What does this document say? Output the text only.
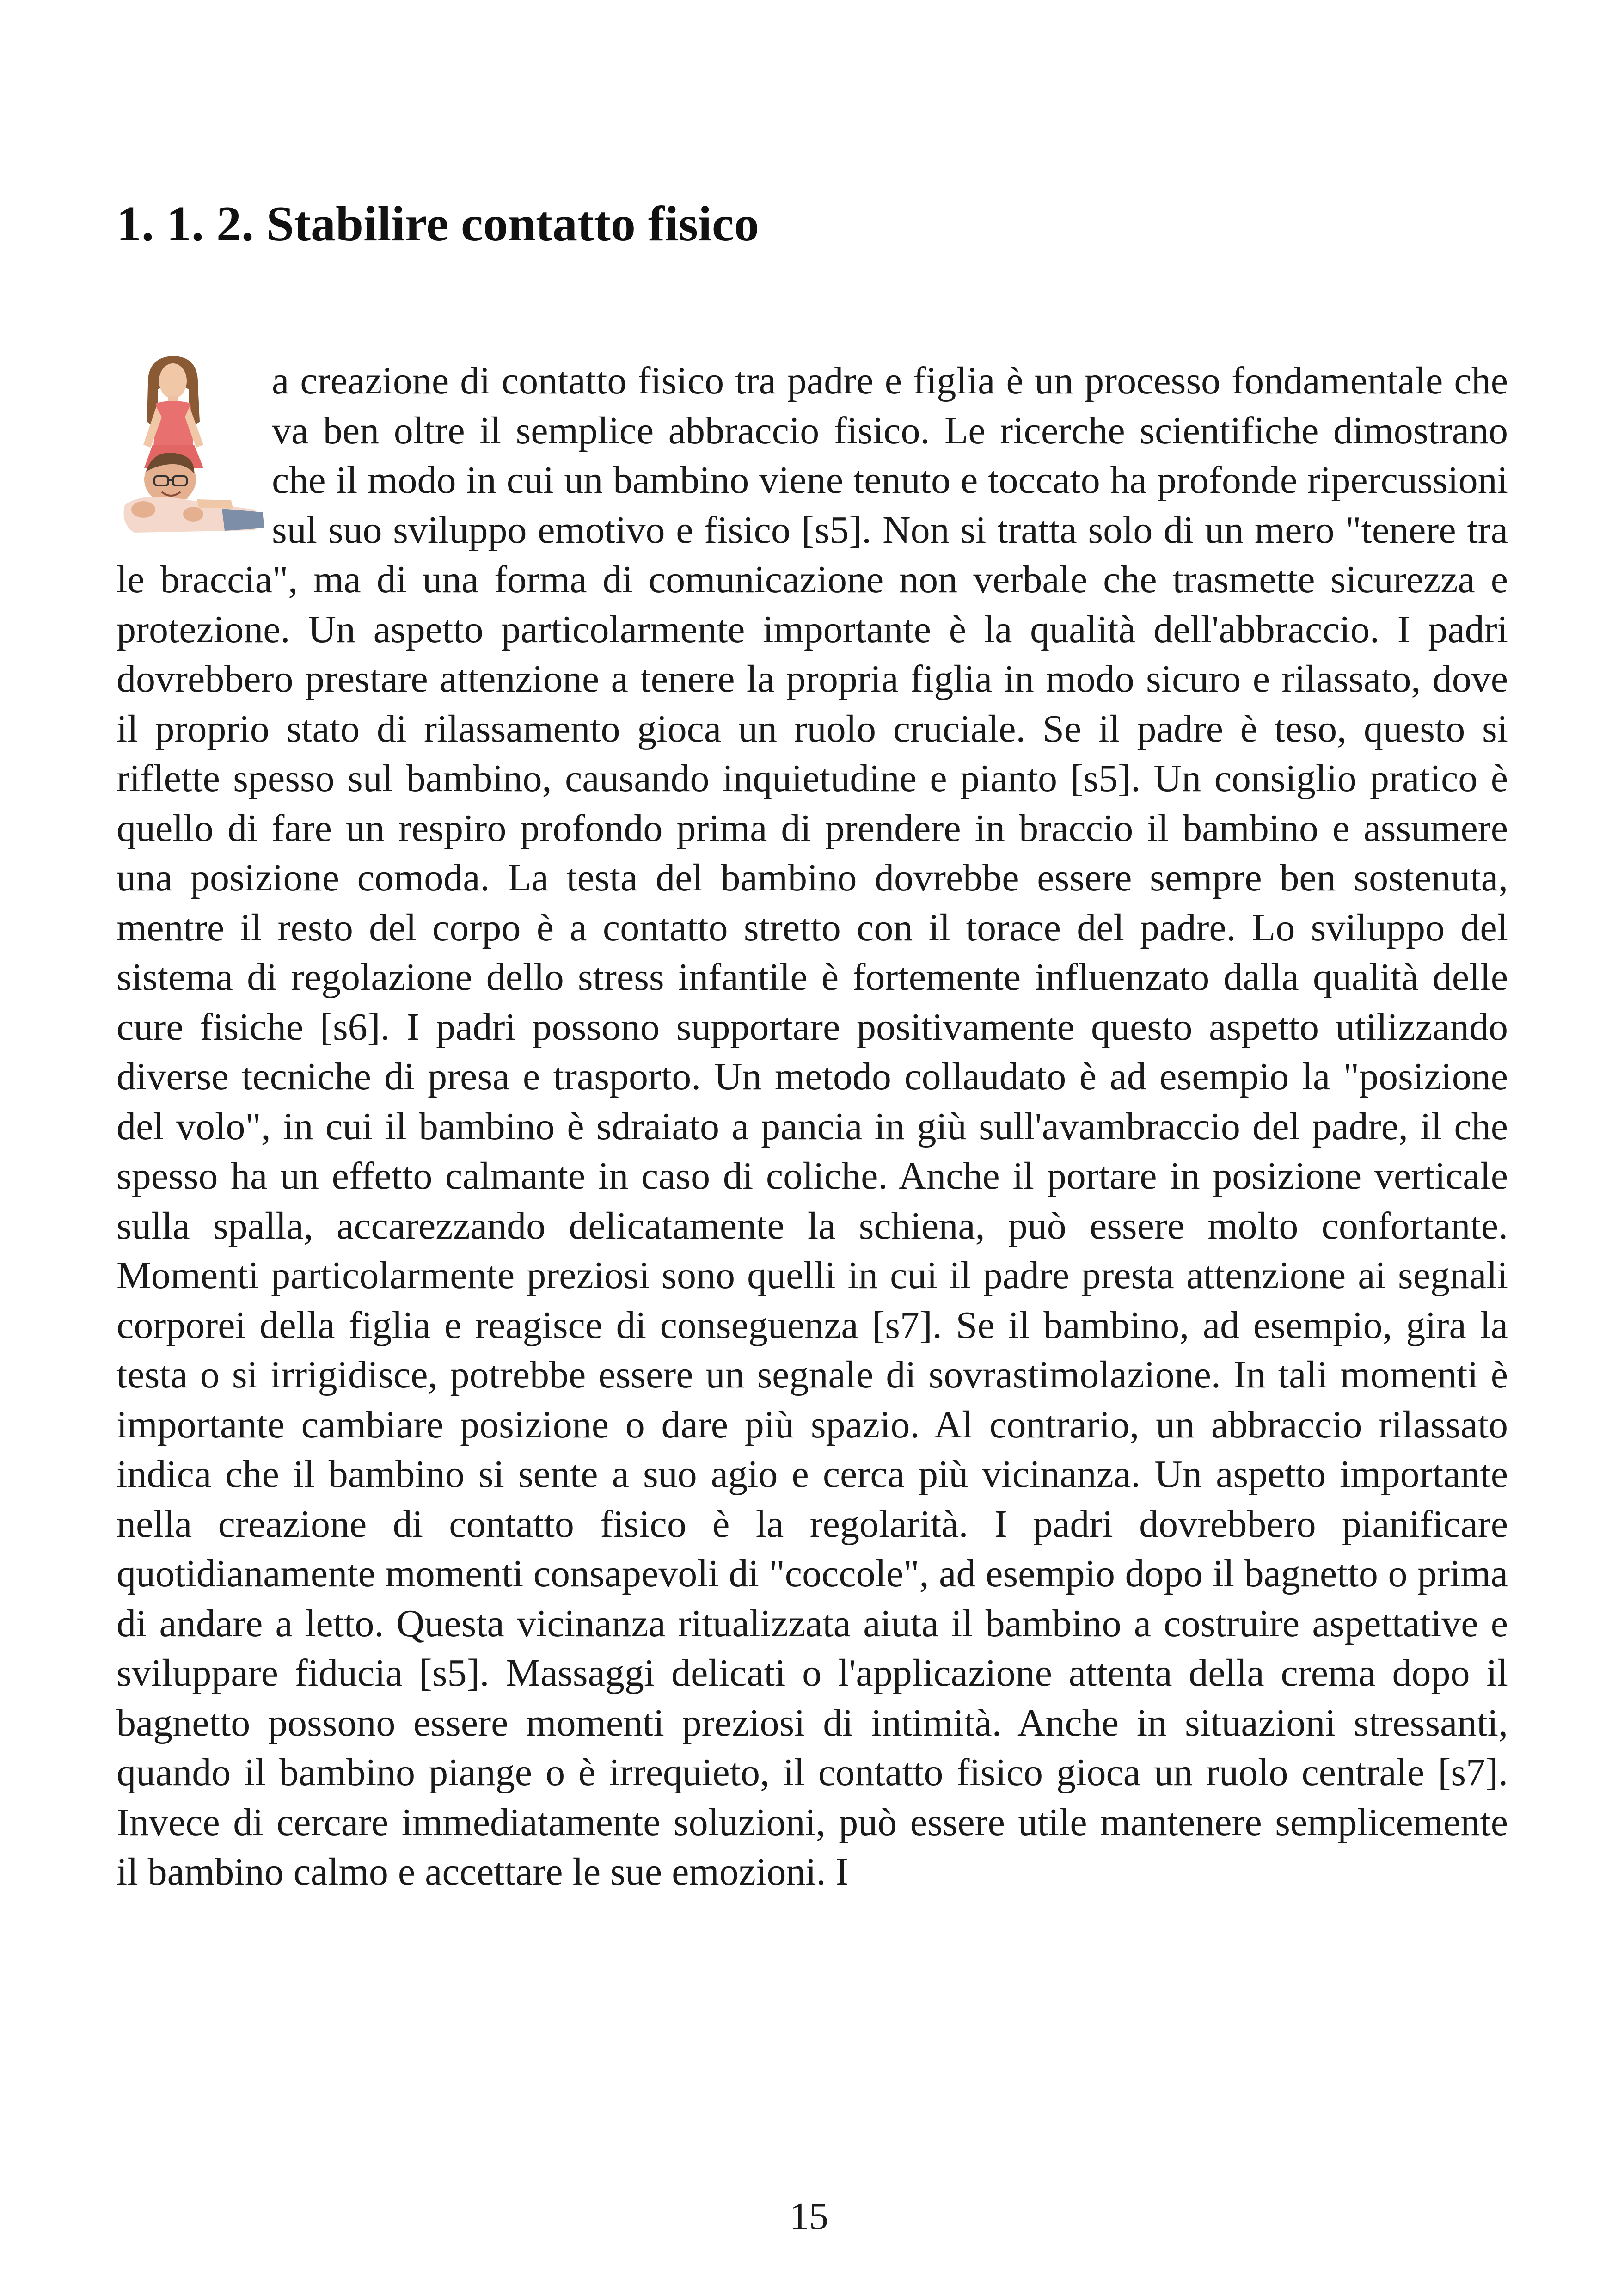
1. 1. 2. Stabilire contatto fisico
a creazione di contatto fisico tra padre e figlia è un processo fondamentale che va ben oltre il semplice abbraccio fisico. Le ricerche scientifiche dimostrano che il modo in cui un bambino viene tenuto e toccato ha profonde ripercussioni sul suo sviluppo emotivo e fisico [s5]. Non si tratta solo di un mero "tenere tra le braccia", ma di una forma di comunicazione non verbale che trasmette sicurezza e protezione. Un aspetto particolarmente importante è la qualità dell'abbraccio. I padri dovrebbero prestare attenzione a tenere la propria figlia in modo sicuro e rilassato, dove il proprio stato di rilassamento gioca un ruolo cruciale. Se il padre è teso, questo si riflette spesso sul bambino, causando inquietudine e pianto [s5]. Un consiglio pratico è quello di fare un respiro profondo prima di prendere in braccio il bambino e assumere una posizione comoda. La testa del bambino dovrebbe essere sempre ben sostenuta, mentre il resto del corpo è a contatto stretto con il torace del padre. Lo sviluppo del sistema di regolazione dello stress infantile è fortemente influenzato dalla qualità delle cure fisiche [s6]. I padri possono supportare positivamente questo aspetto utilizzando diverse tecniche di presa e trasporto. Un metodo collaudato è ad esempio la "posizione del volo", in cui il bambino è sdraiato a pancia in giù sull'avambraccio del padre, il che spesso ha un effetto calmante in caso di coliche. Anche il portare in posizione verticale sulla spalla, accarezzando delicatamente la schiena, può essere molto confortante. Momenti particolarmente preziosi sono quelli in cui il padre presta attenzione ai segnali corporei della figlia e reagisce di conseguenza [s7]. Se il bambino, ad esempio, gira la testa o si irrigidisce, potrebbe essere un segnale di sovrastimolazione. In tali momenti è importante cambiare posizione o dare più spazio. Al contrario, un abbraccio rilassato indica che il bambino si sente a suo agio e cerca più vicinanza. Un aspetto importante nella creazione di contatto fisico è la regolarità. I padri dovrebbero pianificare quotidianamente momenti consapevoli di "coccole", ad esempio dopo il bagnetto o prima di andare a letto. Questa vicinanza ritualizzata aiuta il bambino a costruire aspettative e sviluppare fiducia [s5]. Massaggi delicati o l'applicazione attenta della crema dopo il bagnetto possono essere momenti preziosi di intimità. Anche in situazioni stressanti, quando il bambino piange o è irrequieto, il contatto fisico gioca un ruolo centrale [s7]. Invece di cercare immediatamente soluzioni, può essere utile mantenere semplicemente il bambino calmo e accettare le sue emozioni. I
15
